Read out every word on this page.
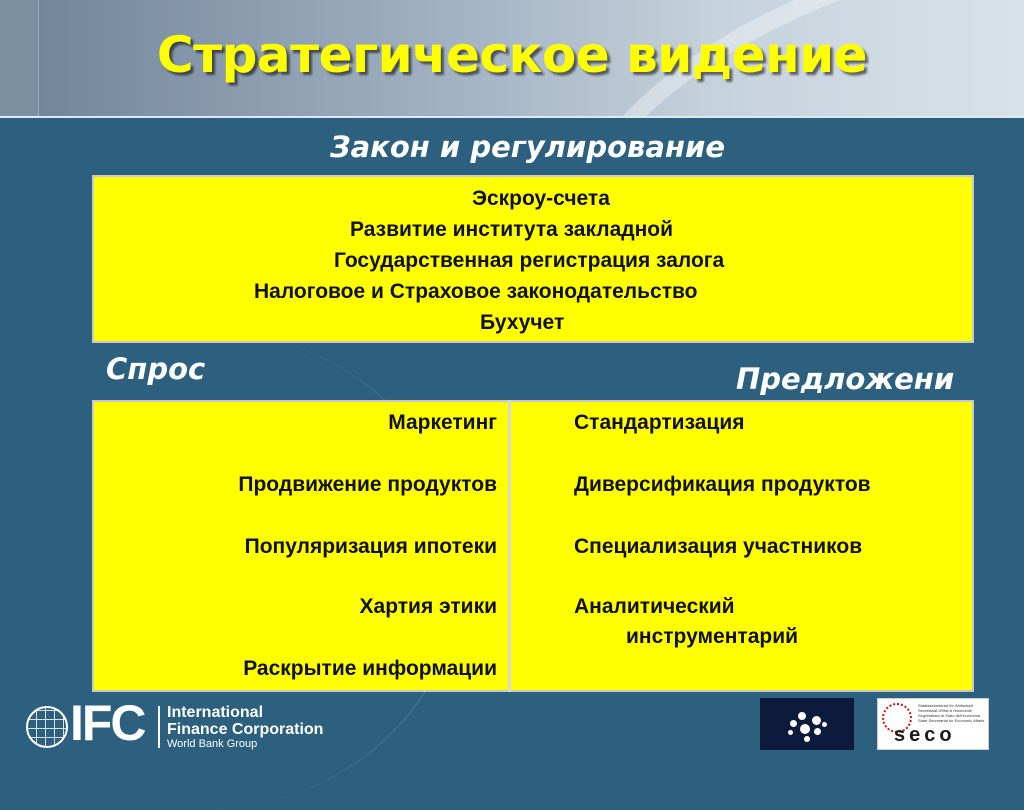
Стратегическое видение
Закон и регулирование
Эскроу-счета
Развитие института закладной
Государственная регистрация залога
Налоговое и Страховое законодательство
Бухучет
Спрос	Предложени
Маркетинг
Продвижение продуктов
Популяризация ипотеки
Хартия этики
Раскрытие информации
Стандартизация
Диверсификация продуктов
Специализация участников
Аналитический
инструментарий
IFC International
Finance Corporation
World Bank Group
Staatssekretariat für Wirtschaft Secrétariat d'Etat à l'économie Segretariato di Stato dell'economia State Secretariat for Economic Affairs
seco
